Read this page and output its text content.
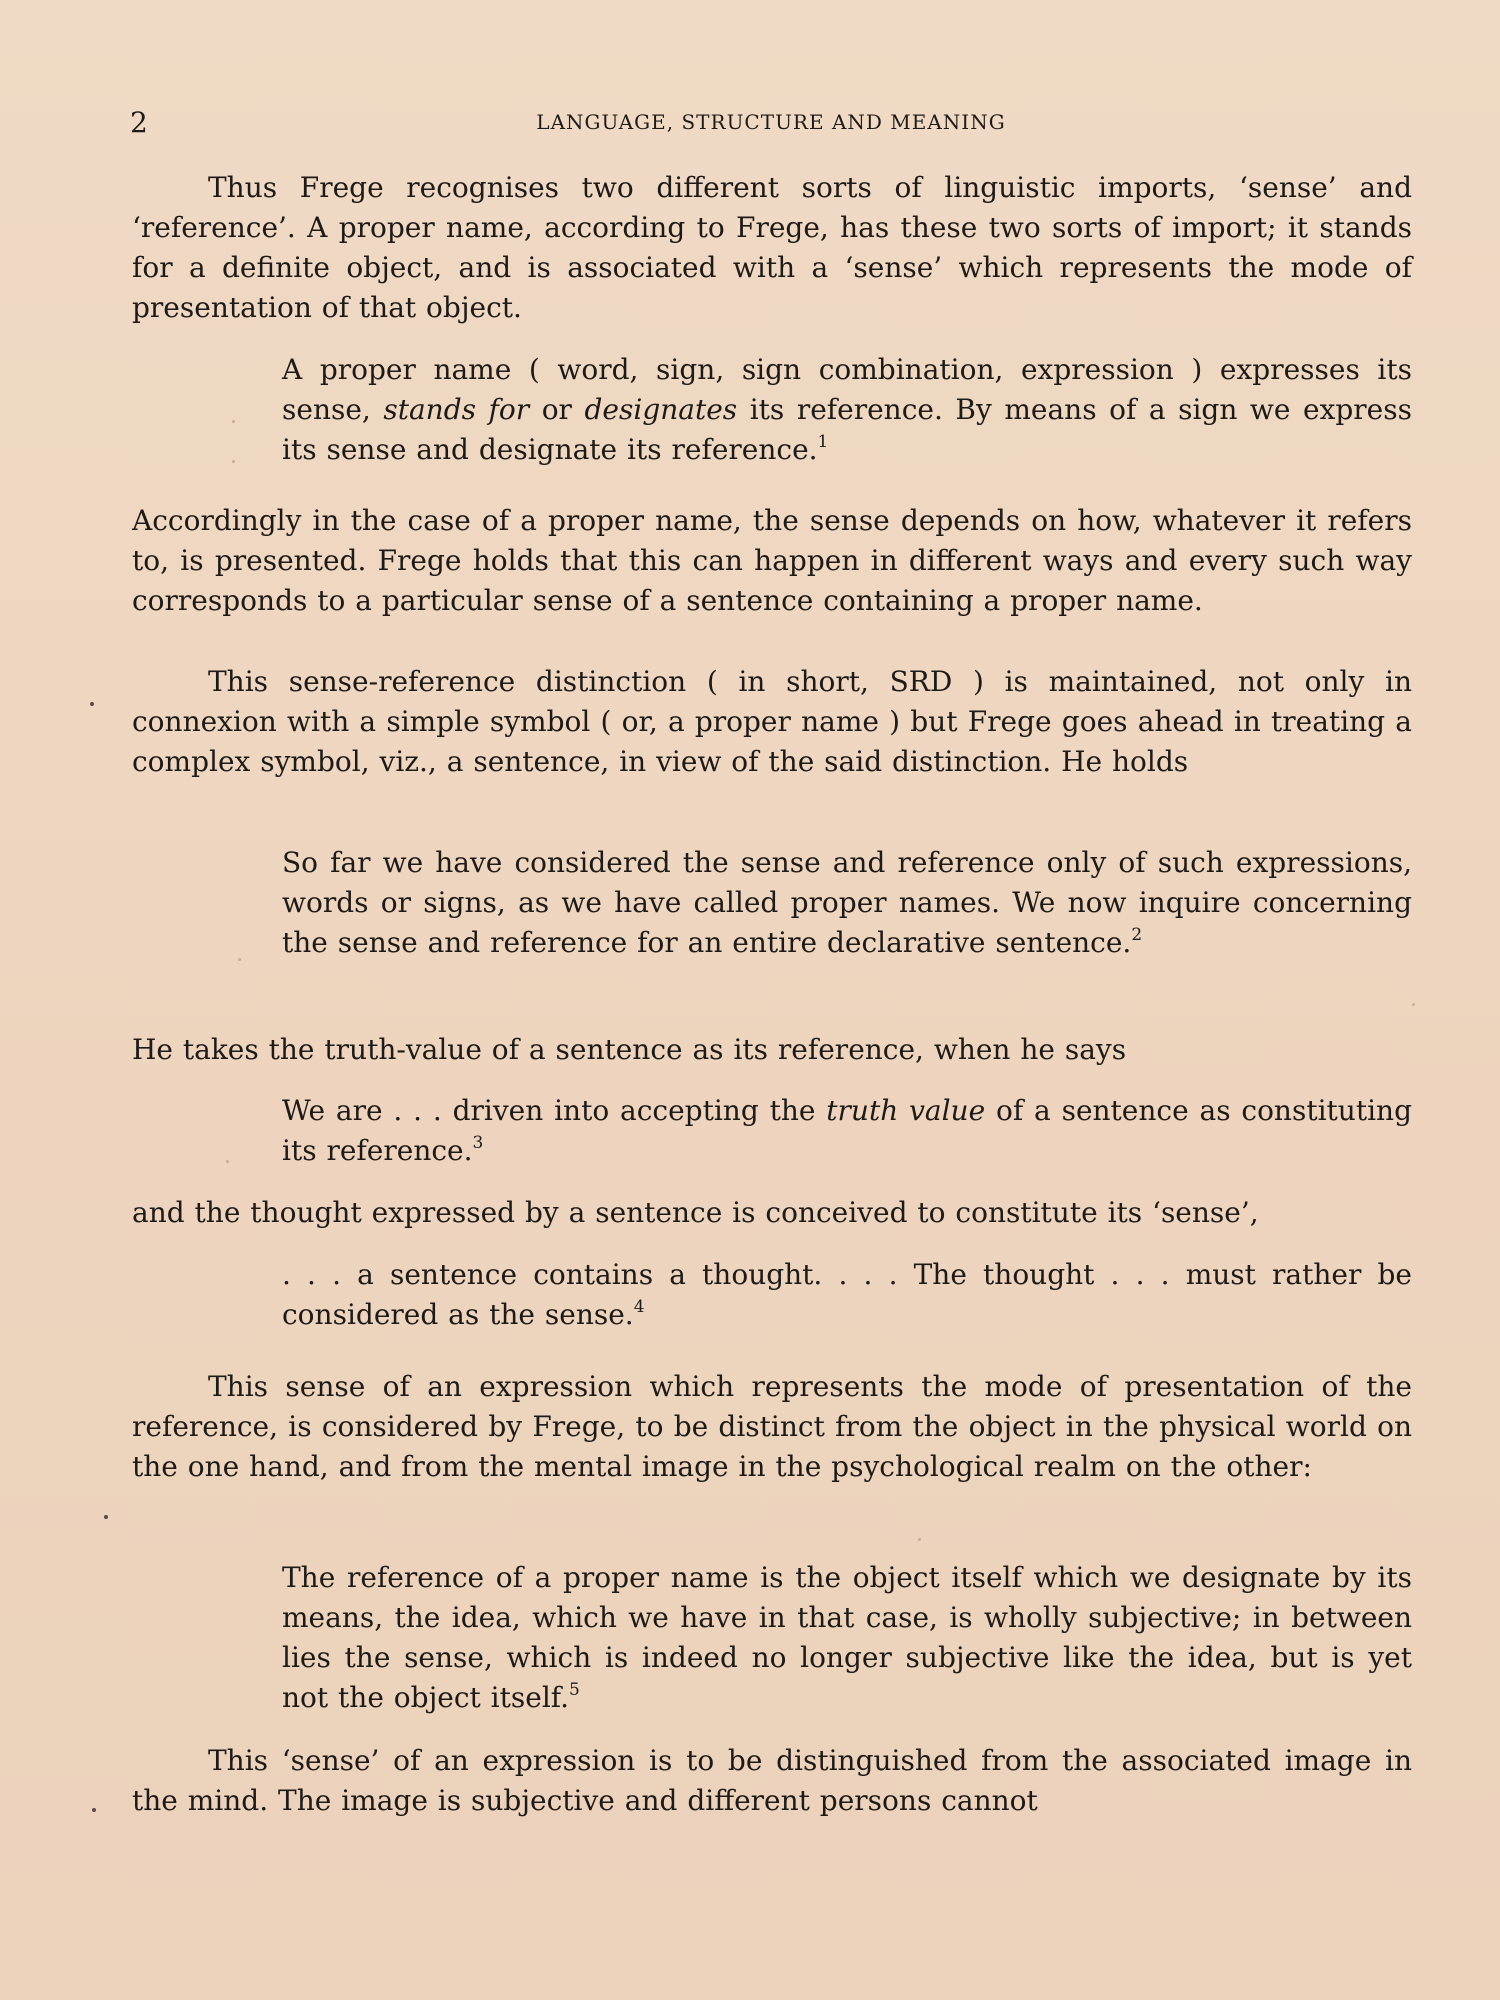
2	LANGUAGE, STRUCTURE AND MEANING

Thus Frege recognises two different sorts of linguistic imports, ‘sense’ and ‘reference’. A proper name, according to Frege, has these two sorts of import; it stands for a definite object, and is associated with a ‘sense’ which represents the mode of presentation of that object.

A proper name ( word, sign, sign combination, expression ) expresses its sense, stands for or designates its reference. By means of a sign we express its sense and designate its reference.$^1$

Accordingly in the case of a proper name, the sense depends on how, whatever it refers to, is presented. Frege holds that this can happen in different ways and every such way corresponds to a particular sense of a sentence containing a proper name.

This sense-reference distinction ( in short, SRD ) is maintained, not only in connexion with a simple symbol ( or, a proper name ) but Frege goes ahead in treating a complex symbol, viz., a sentence, in view of the said distinction. He holds

So far we have considered the sense and reference only of such expressions, words or signs, as we have called proper names. We now inquire concerning the sense and reference for an entire declarative sentence.$^2$

He takes the truth-value of a sentence as its reference, when he says

We are . . . driven into accepting the truth value of a sentence as constituting its reference.$^3$

and the thought expressed by a sentence is conceived to constitute its ‘sense’,

. . . a sentence contains a thought. . . . The thought . . . must rather be considered as the sense.$^4$

This sense of an expression which represents the mode of presentation of the reference, is considered by Frege, to be distinct from the object in the physical world on the one hand, and from the mental image in the psychological realm on the other:

The reference of a proper name is the object itself which we designate by its means, the idea, which we have in that case, is wholly subjective; in between lies the sense, which is indeed no longer subjective like the idea, but is yet not the object itself.$^5$

This ‘sense’ of an expression is to be distinguished from the associated image in the mind. The image is subjective and different persons cannot
